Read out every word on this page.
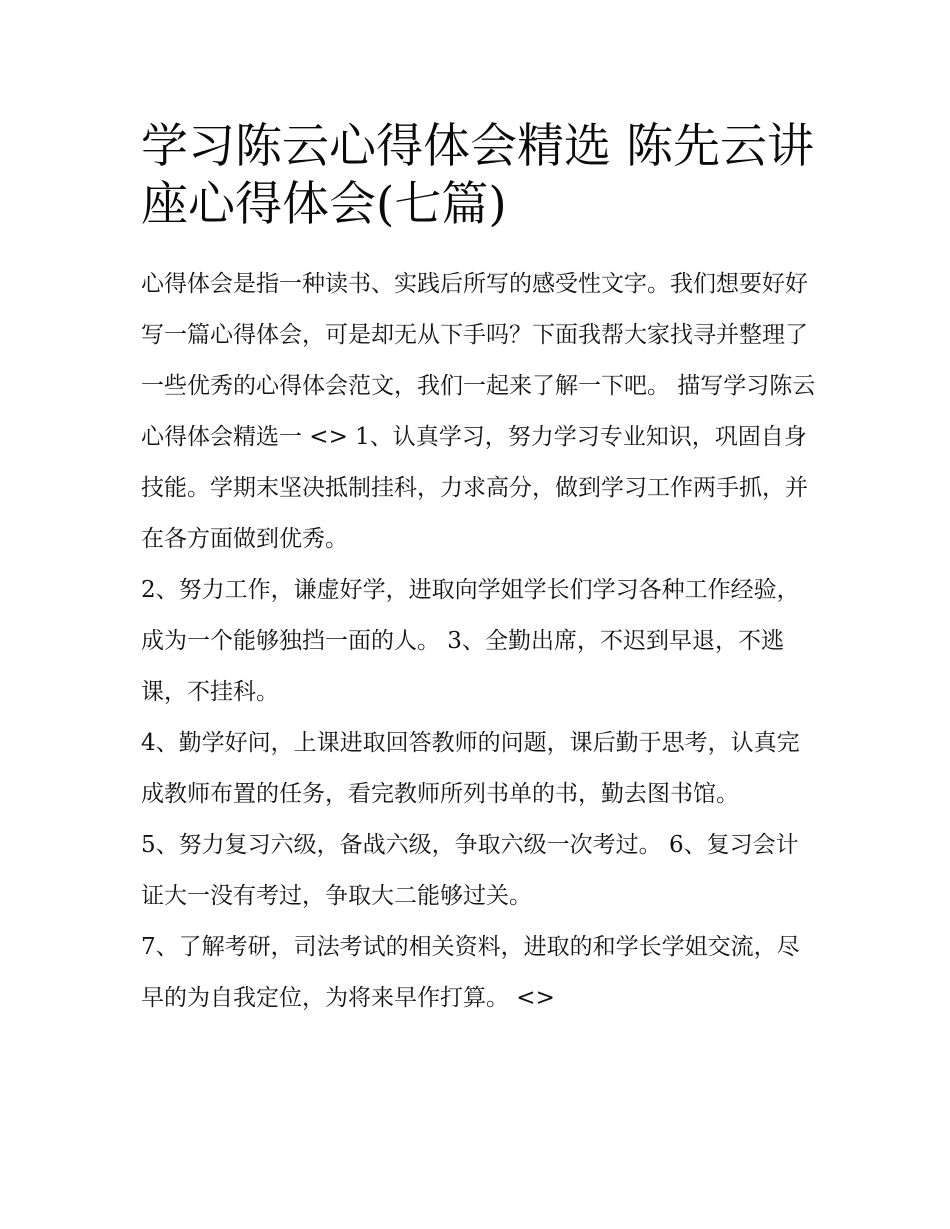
学习陈云心得体会精选 陈先云讲座心得体会(七篇)

心得体会是指一种读书、实践后所写的感受性文字。我们想要好好写一篇心得体会，可是却无从下手吗？下面我帮大家找寻并整理了一些优秀的心得体会范文，我们一起来了解一下吧。 描写学习陈云心得体会精选一 <> 1、认真学习，努力学习专业知识，巩固自身技能。学期末坚决抵制挂科，力求高分，做到学习工作两手抓，并在各方面做到优秀。

2、努力工作，谦虚好学，进取向学姐学长们学习各种工作经验，成为一个能够独挡一面的人。 3、全勤出席，不迟到早退，不逃课，不挂科。

4、勤学好问，上课进取回答教师的问题，课后勤于思考，认真完成教师布置的任务，看完教师所列书单的书，勤去图书馆。

5、努力复习六级，备战六级，争取六级一次考过。 6、复习会计证大一没有考过，争取大二能够过关。

7、了解考研，司法考试的相关资料，进取的和学长学姐交流，尽早的为自我定位，为将来早作打算。 <>
